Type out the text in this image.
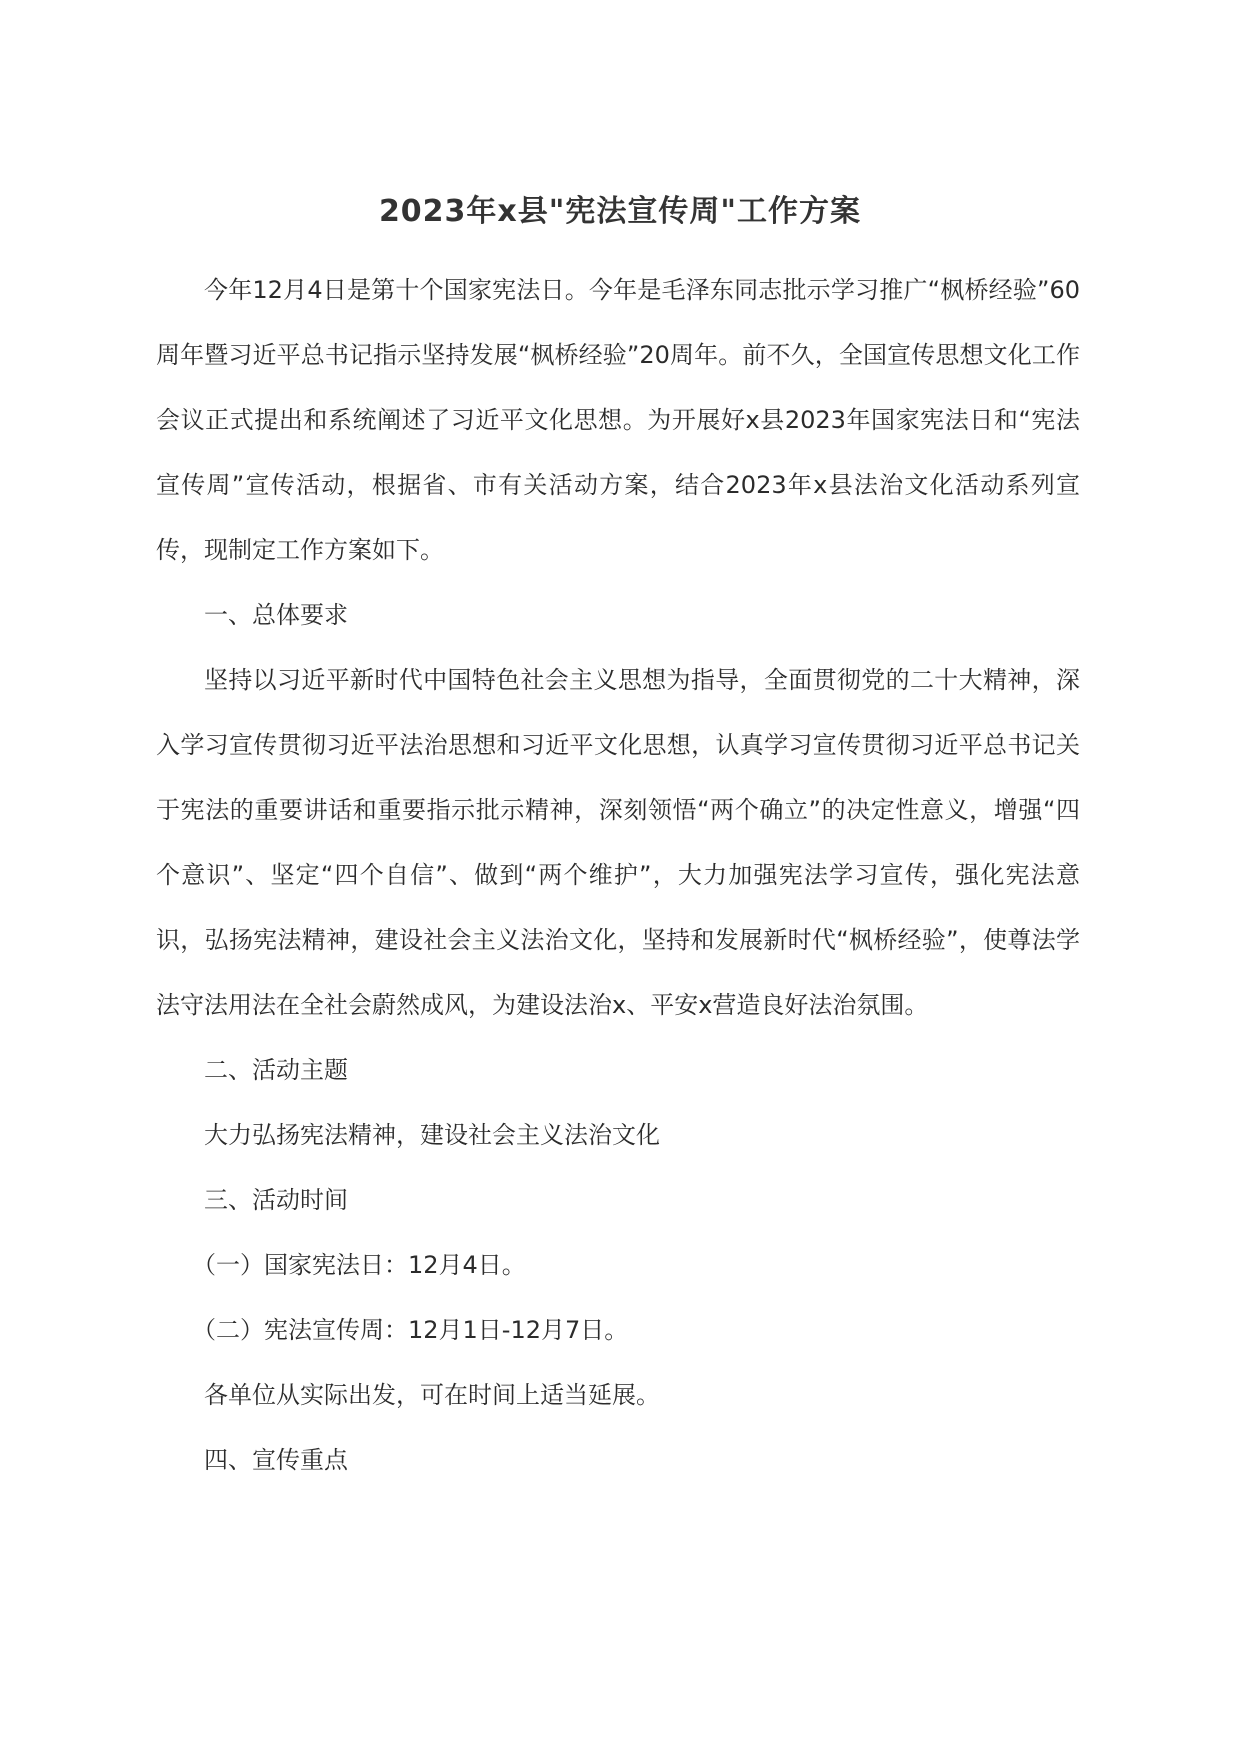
2023年x县"宪法宣传周"工作方案

今年12月4日是第十个国家宪法日。今年是毛泽东同志批示学习推广“枫桥经验”60周年暨习近平总书记指示坚持发展“枫桥经验”20周年。前不久，全国宣传思想文化工作会议正式提出和系统阐述了习近平文化思想。为开展好x县2023年国家宪法日和“宪法宣传周”宣传活动，根据省、市有关活动方案，结合2023年x县法治文化活动系列宣传，现制定工作方案如下。

一、总体要求

坚持以习近平新时代中国特色社会主义思想为指导，全面贯彻党的二十大精神，深入学习宣传贯彻习近平法治思想和习近平文化思想，认真学习宣传贯彻习近平总书记关于宪法的重要讲话和重要指示批示精神，深刻领悟“两个确立”的决定性意义，增强“四个意识”、坚定“四个自信”、做到“两个维护”，大力加强宪法学习宣传，强化宪法意识，弘扬宪法精神，建设社会主义法治文化，坚持和发展新时代“枫桥经验”，使尊法学法守法用法在全社会蔚然成风，为建设法治x、平安x营造良好法治氛围。

二、活动主题

大力弘扬宪法精神，建设社会主义法治文化

三、活动时间

（一）国家宪法日：12月4日。

（二）宪法宣传周：12月1日-12月7日。

各单位从实际出发，可在时间上适当延展。

四、宣传重点
